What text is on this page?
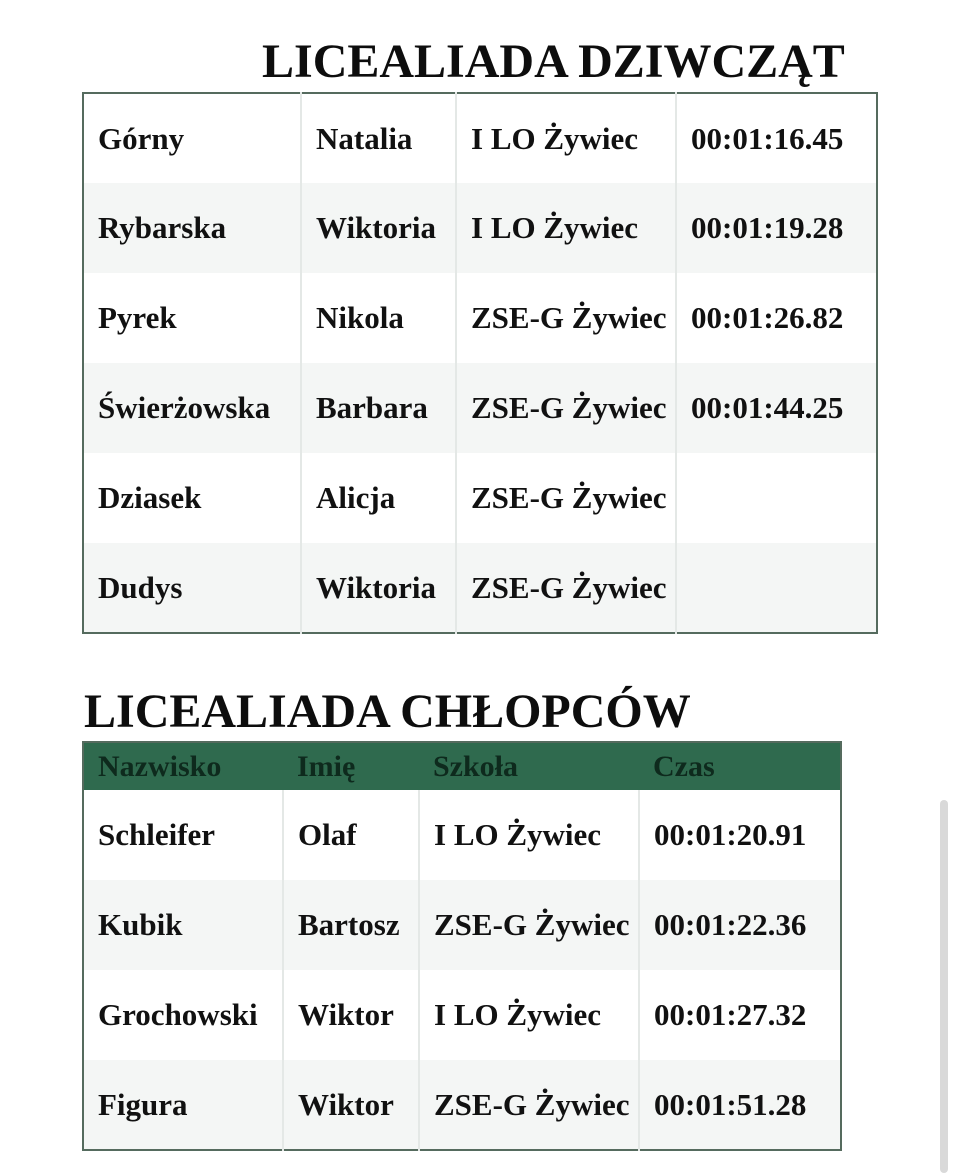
LICEALIADA DZIWCZĄT
Górny	Natalia	I LO Żywiec	00:01:16.45
Rybarska	Wiktoria	I LO Żywiec	00:01:19.28
Pyrek	Nikola	ZSE-G Żywiec	00:01:26.82
Świerżowska	Barbara	ZSE-G Żywiec	00:01:44.25
Dziasek	Alicja	ZSE-G Żywiec	
Dudys	Wiktoria	ZSE-G Żywiec	
LICEALIADA CHŁOPCÓW
Nazwisko	Imię	Szkoła	Czas
Schleifer	Olaf	I LO Żywiec	00:01:20.91
Kubik	Bartosz	ZSE-G Żywiec	00:01:22.36
Grochowski	Wiktor	I LO Żywiec	00:01:27.32
Figura	Wiktor	ZSE-G Żywiec	00:01:51.28
